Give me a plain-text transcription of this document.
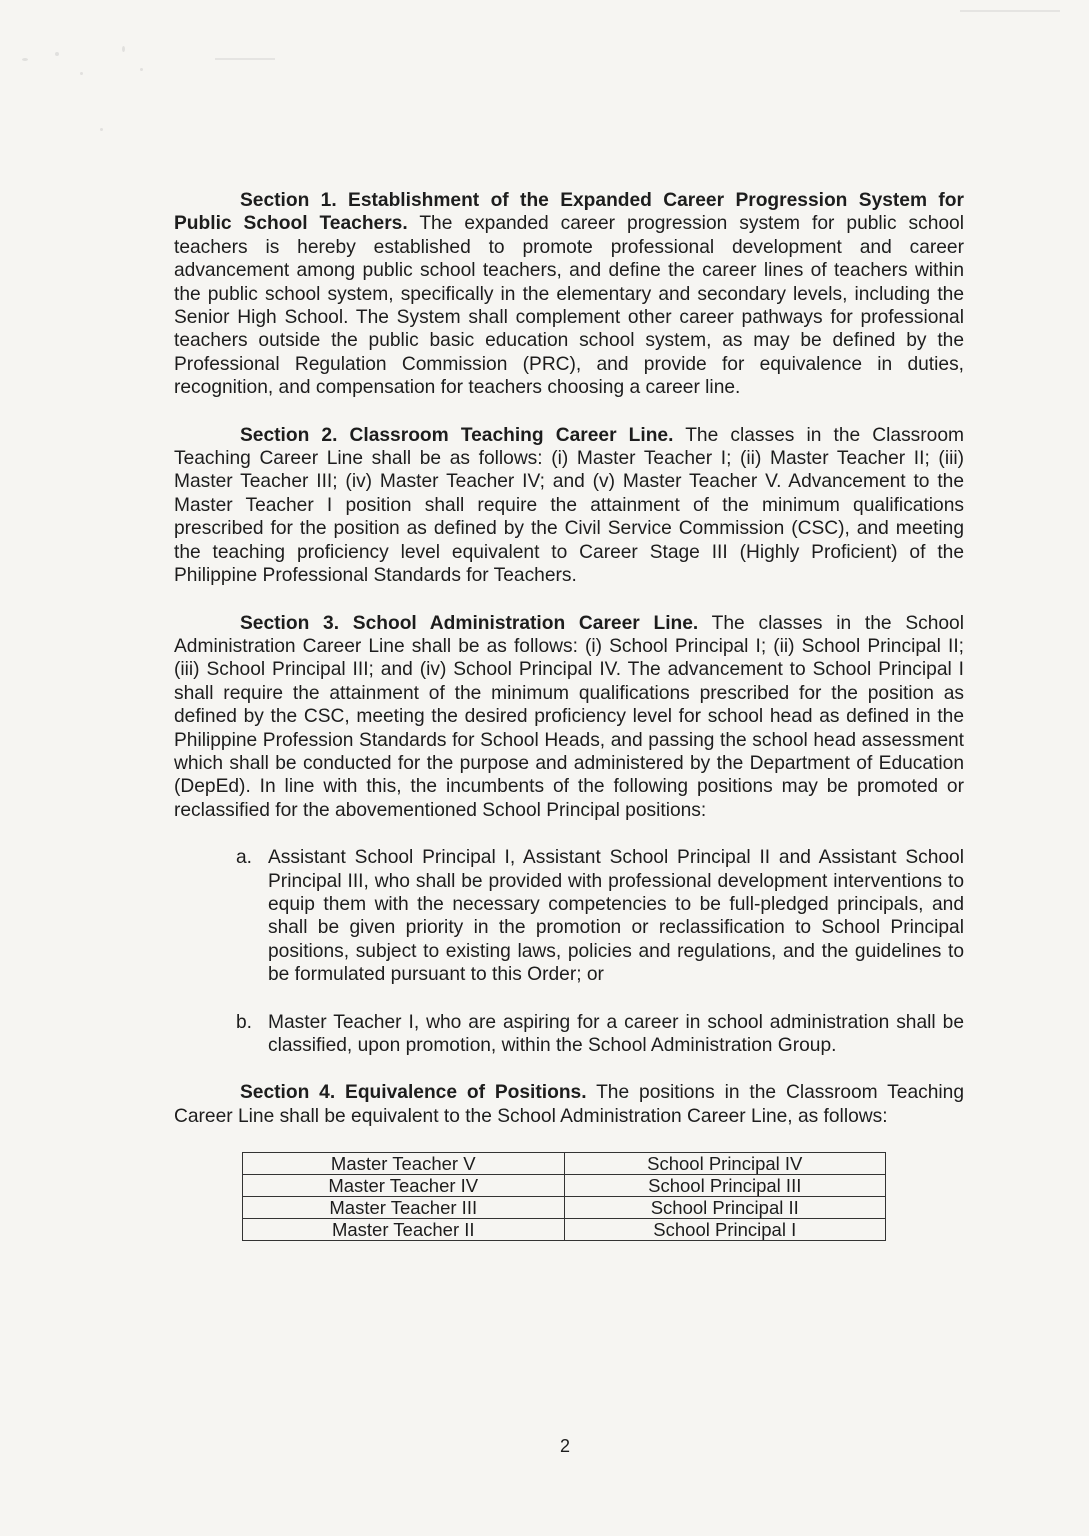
Section 1. Establishment of the Expanded Career Progression System for Public School Teachers. The expanded career progression system for public school teachers is hereby established to promote professional development and career advancement among public school teachers, and define the career lines of teachers within the public school system, specifically in the elementary and secondary levels, including the Senior High School. The System shall complement other career pathways for professional teachers outside the public basic education school system, as may be defined by the Professional Regulation Commission (PRC), and provide for equivalence in duties, recognition, and compensation for teachers choosing a career line.

Section 2. Classroom Teaching Career Line. The classes in the Classroom Teaching Career Line shall be as follows: (i) Master Teacher I; (ii) Master Teacher II; (iii) Master Teacher III; (iv) Master Teacher IV; and (v) Master Teacher V. Advancement to the Master Teacher I position shall require the attainment of the minimum qualifications prescribed for the position as defined by the Civil Service Commission (CSC), and meeting the teaching proficiency level equivalent to Career Stage III (Highly Proficient) of the Philippine Professional Standards for Teachers.

Section 3. School Administration Career Line. The classes in the School Administration Career Line shall be as follows: (i) School Principal I; (ii) School Principal II; (iii) School Principal III; and (iv) School Principal IV. The advancement to School Principal I shall require the attainment of the minimum qualifications prescribed for the position as defined by the CSC, meeting the desired proficiency level for school head as defined in the Philippine Profession Standards for School Heads, and passing the school head assessment which shall be conducted for the purpose and administered by the Department of Education (DepEd). In line with this, the incumbents of the following positions may be promoted or reclassified for the abovementioned School Principal positions:

a. Assistant School Principal I, Assistant School Principal II and Assistant School Principal III, who shall be provided with professional development interventions to equip them with the necessary competencies to be full-pledged principals, and shall be given priority in the promotion or reclassification to School Principal positions, subject to existing laws, policies and regulations, and the guidelines to be formulated pursuant to this Order; or
b. Master Teacher I, who are aspiring for a career in school administration shall be classified, upon promotion, within the School Administration Group.

Section 4. Equivalence of Positions. The positions in the Classroom Teaching Career Line shall be equivalent to the School Administration Career Line, as follows:

Master Teacher V	School Principal IV
Master Teacher IV	School Principal III
Master Teacher III	School Principal II
Master Teacher II	School Principal I
2
